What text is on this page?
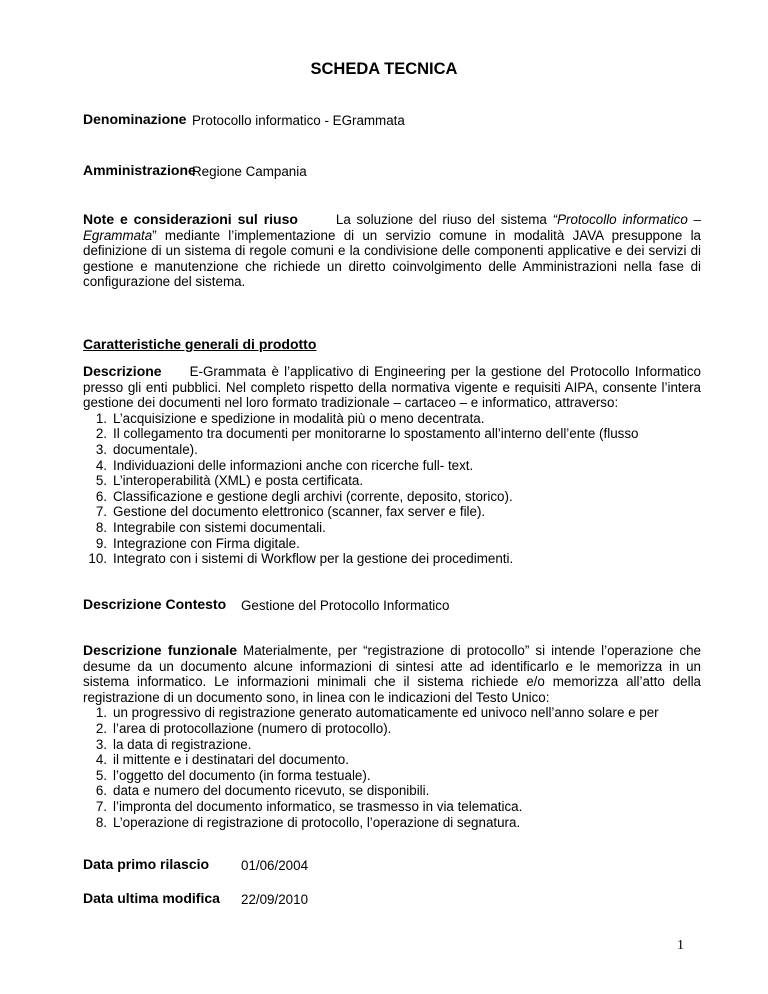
SCHEDA TECNICA
Denominazione Protocollo informatico - EGrammata
Amministrazione
Regione Campania
Note e considerazioni sul riuso	La soluzione del riuso del sistema “Protocollo informatico – Egrammata” mediante l’implementazione di un servizio comune in modalità JAVA presuppone la definizione di un sistema di regole comuni e la condivisione delle componenti applicative e dei servizi di gestione e manutenzione che richiede un diretto coinvolgimento delle Amministrazioni nella fase di configurazione del sistema.
Caratteristiche generali di prodotto
Descrizione E-Grammata è l’applicativo di Engineering per la gestione del Protocollo Informatico presso gli enti pubblici. Nel completo rispetto della normativa vigente e requisiti AIPA, consente l’intera gestione dei documenti nel loro formato tradizionale – cartaceo – e informatico, attraverso:
1. L’acquisizione e spedizione in modalità più o meno decentrata.
2. Il collegamento tra documenti per monitorarne lo spostamento all’interno dell’ente (flusso
3. documentale).
4. Individuazioni delle informazioni anche con ricerche full- text.
5. L’interoperabilità (XML) e posta certificata.
6. Classificazione e gestione degli archivi (corrente, deposito, storico).
7. Gestione del documento elettronico (scanner, fax server e file).
8. Integrabile con sistemi documentali.
9. Integrazione con Firma digitale.
10. Integrato con i sistemi di Workflow per la gestione dei procedimenti.
Descrizione Contesto Gestione del Protocollo Informatico
Descrizione funzionale Materialmente, per “registrazione di protocollo” si intende l’operazione che desume da un documento alcune informazioni di sintesi atte ad identificarlo e le memorizza in un sistema informatico. Le informazioni minimali che il sistema richiede e/o memorizza all’atto della registrazione di un documento sono, in linea con le indicazioni del Testo Unico:
1. un progressivo di registrazione generato automaticamente ed univoco nell’anno solare e per
2. l’area di protocollazione (numero di protocollo).
3. la data di registrazione.
4. il mittente e i destinatari del documento.
5. l’oggetto del documento (in forma testuale).
6. data e numero del documento ricevuto, se disponibili.
7. l’impronta del documento informatico, se trasmesso in via telematica.
8. L’operazione di registrazione di protocollo, l’operazione di segnatura.
Data primo rilascio 01/06/2004
Data ultima modifica 22/09/2010
1
